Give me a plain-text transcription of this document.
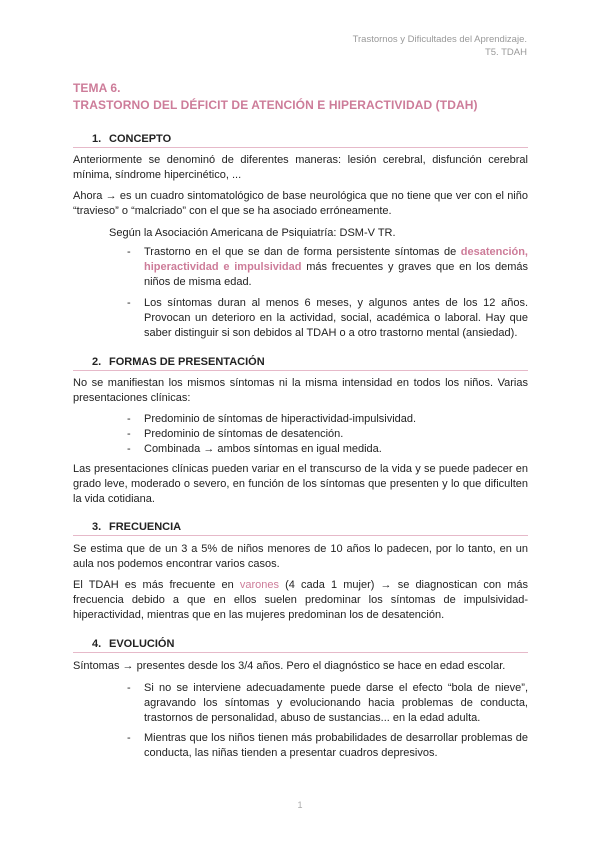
Trastornos y Dificultades del Aprendizaje.
T5. TDAH
TEMA 6.
TRASTORNO DEL DÉFICIT DE ATENCIÓN E HIPERACTIVIDAD (TDAH)
1. CONCEPTO

Anteriormente se denominó de diferentes maneras: lesión cerebral, disfunción cerebral mínima, síndrome hipercinético, ...

Ahora → es un cuadro sintomatológico de base neurológica que no tiene que ver con el niño “travieso” o “malcriado” con el que se ha asociado erróneamente.

Según la Asociación Americana de Psiquiatría: DSM-V TR.

- Trastorno en el que se dan de forma persistente síntomas de desatención, hiperactividad e impulsividad más frecuentes y graves que en los demás niños de misma edad.
- Los síntomas duran al menos 6 meses, y algunos antes de los 12 años. Provocan un deterioro en la actividad, social, académica o laboral. Hay que saber distinguir si son debidos al TDAH o a otro trastorno mental (ansiedad).
2. FORMAS DE PRESENTACIÓN

No se manifiestan los mismos síntomas ni la misma intensidad en todos los niños. Varias presentaciones clínicas:

- Predominio de síntomas de hiperactividad-impulsividad.
- Predominio de síntomas de desatención.
- Combinada → ambos síntomas en igual medida.

Las presentaciones clínicas pueden variar en el transcurso de la vida y se puede padecer en grado leve, moderado o severo, en función de los síntomas que presenten y lo que dificulten la vida cotidiana.

3. FRECUENCIA

Se estima que de un 3 a 5% de niños menores de 10 años lo padecen, por lo tanto, en un aula nos podemos encontrar varios casos.

El TDAH es más frecuente en varones (4 cada 1 mujer) → se diagnostican con más frecuencia debido a que en ellos suelen predominar los síntomas de impulsividad-hiperactividad, mientras que en las mujeres predominan los de desatención.

4. EVOLUCIÓN

Síntomas → presentes desde los 3/4 años. Pero el diagnóstico se hace en edad escolar.

- Si no se interviene adecuadamente puede darse el efecto “bola de nieve”, agravando los síntomas y evolucionando hacia problemas de conducta, trastornos de personalidad, abuso de sustancias... en la edad adulta.
- Mientras que los niños tienen más probabilidades de desarrollar problemas de conducta, las niñas tienden a presentar cuadros depresivos.
1
